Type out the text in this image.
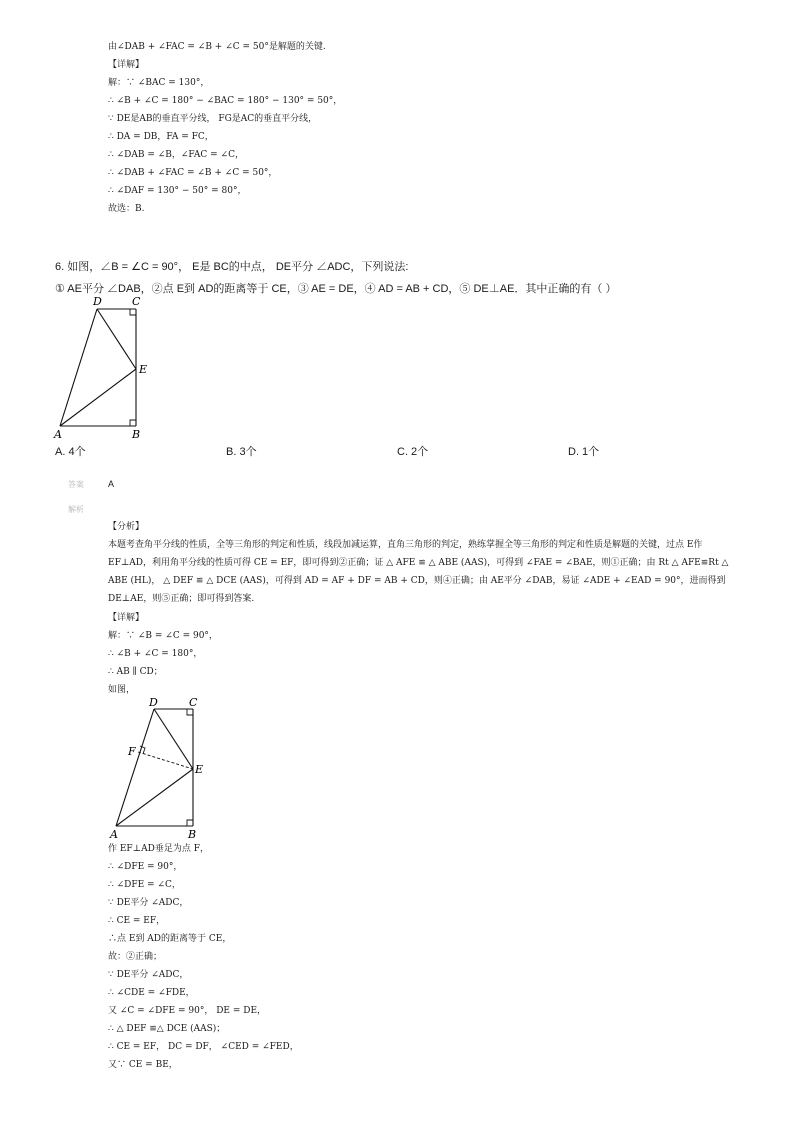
由∠DAB + ∠FAC = ∠B + ∠C = 50°是解题的关键.
【详解】
解：∵ ∠BAC = 130°，
∴ ∠B + ∠C = 180° − ∠BAC = 180° − 130° = 50°，
∵ DE是AB的垂直平分线， FG是AC的垂直平分线，
∴ DA = DB，FA = FC，
∴ ∠DAB = ∠B，∠FAC = ∠C，
∴ ∠DAB + ∠FAC = ∠B + ∠C = 50°，
∴ ∠DAF = 130° − 50° = 80°，
故选：B.
6. 如图，∠B = ∠C = 90°， E是 BC的中点， DE平分 ∠ADC，下列说法:
① AE平分 ∠DAB，②点 E到 AD的距离等于 CE，③ AE = DE，④ AD = AB + CD，⑤ DE⊥AE．其中正确的有（ ）
D	C
E
A	B
A. 4个	B. 3个	C. 2个	D. 1个
答案	A
解析
【分析】
本题考查角平分线的性质，全等三角形的判定和性质，线段加减运算，直角三角形的判定，熟练掌握全等三角形的判定和性质是解题的关键，过点 E作 EF⊥AD，利用角平分线的性质可得 CE = EF，即可得到②正确；证 △ AFE ≌ △ ABE (AAS)，可得到 ∠FAE = ∠BAE，则①正确；由 Rt △ AFE≌Rt △ ABE (HL)， △ DEF ≌ △ DCE (AAS)，可得到 AD = AF + DF = AB + CD，则④正确；由 AE平分 ∠DAB，易证 ∠ADE + ∠EAD = 90°，进而得到 DE⊥AE，则⑤正确；即可得到答案.
【详解】
解：∵ ∠B = ∠C = 90°，
∴ ∠B + ∠C = 180°，
∴ AB ∥ CD；
如图，
D	C
F
E
A	B
作 EF⊥AD垂足为点 F，
∴ ∠DFE = 90°，
∴ ∠DFE = ∠C，
∵ DE平分 ∠ADC，
∴ CE = EF，
∴点 E到 AD的距离等于 CE，
故：②正确；
∵ DE平分 ∠ADC，
∴ ∠CDE = ∠FDE，
又 ∠C = ∠DFE = 90°， DE = DE，
∴ △ DEF ≌△ DCE (AAS)；
∴ CE = EF， DC = DF， ∠CED = ∠FED，
又∵ CE = BE，
